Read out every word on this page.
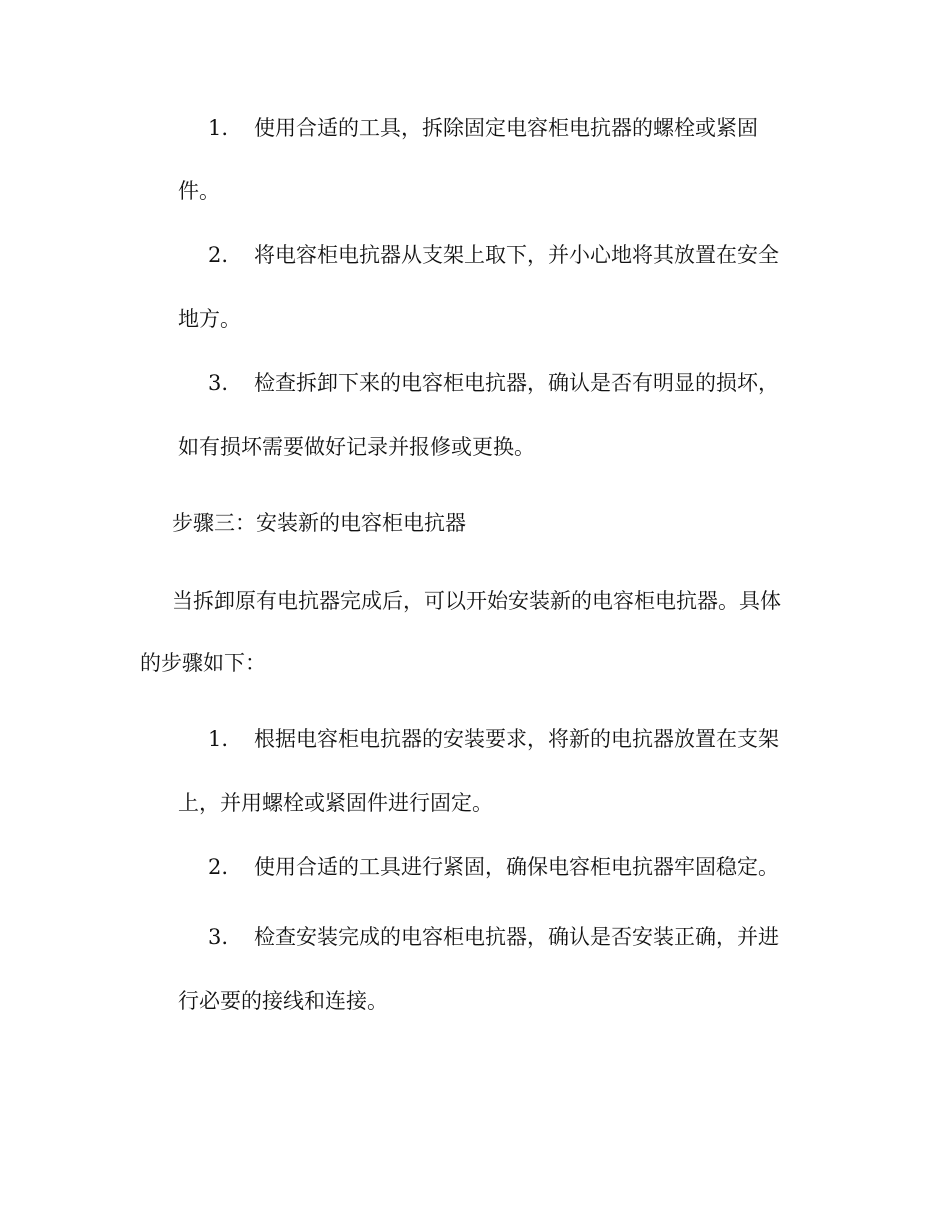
1. 使用合适的工具，拆除固定电容柜电抗器的螺栓或紧固
件。
2. 将电容柜电抗器从支架上取下，并小心地将其放置在安全
地方。
3. 检查拆卸下来的电容柜电抗器，确认是否有明显的损坏，
如有损坏需要做好记录并报修或更换。
步骤三：安装新的电容柜电抗器
当拆卸原有电抗器完成后，可以开始安装新的电容柜电抗器。具体
的步骤如下：
1. 根据电容柜电抗器的安装要求，将新的电抗器放置在支架
上，并用螺栓或紧固件进行固定。
2. 使用合适的工具进行紧固，确保电容柜电抗器牢固稳定。
3. 检查安装完成的电容柜电抗器，确认是否安装正确，并进
行必要的接线和连接。
